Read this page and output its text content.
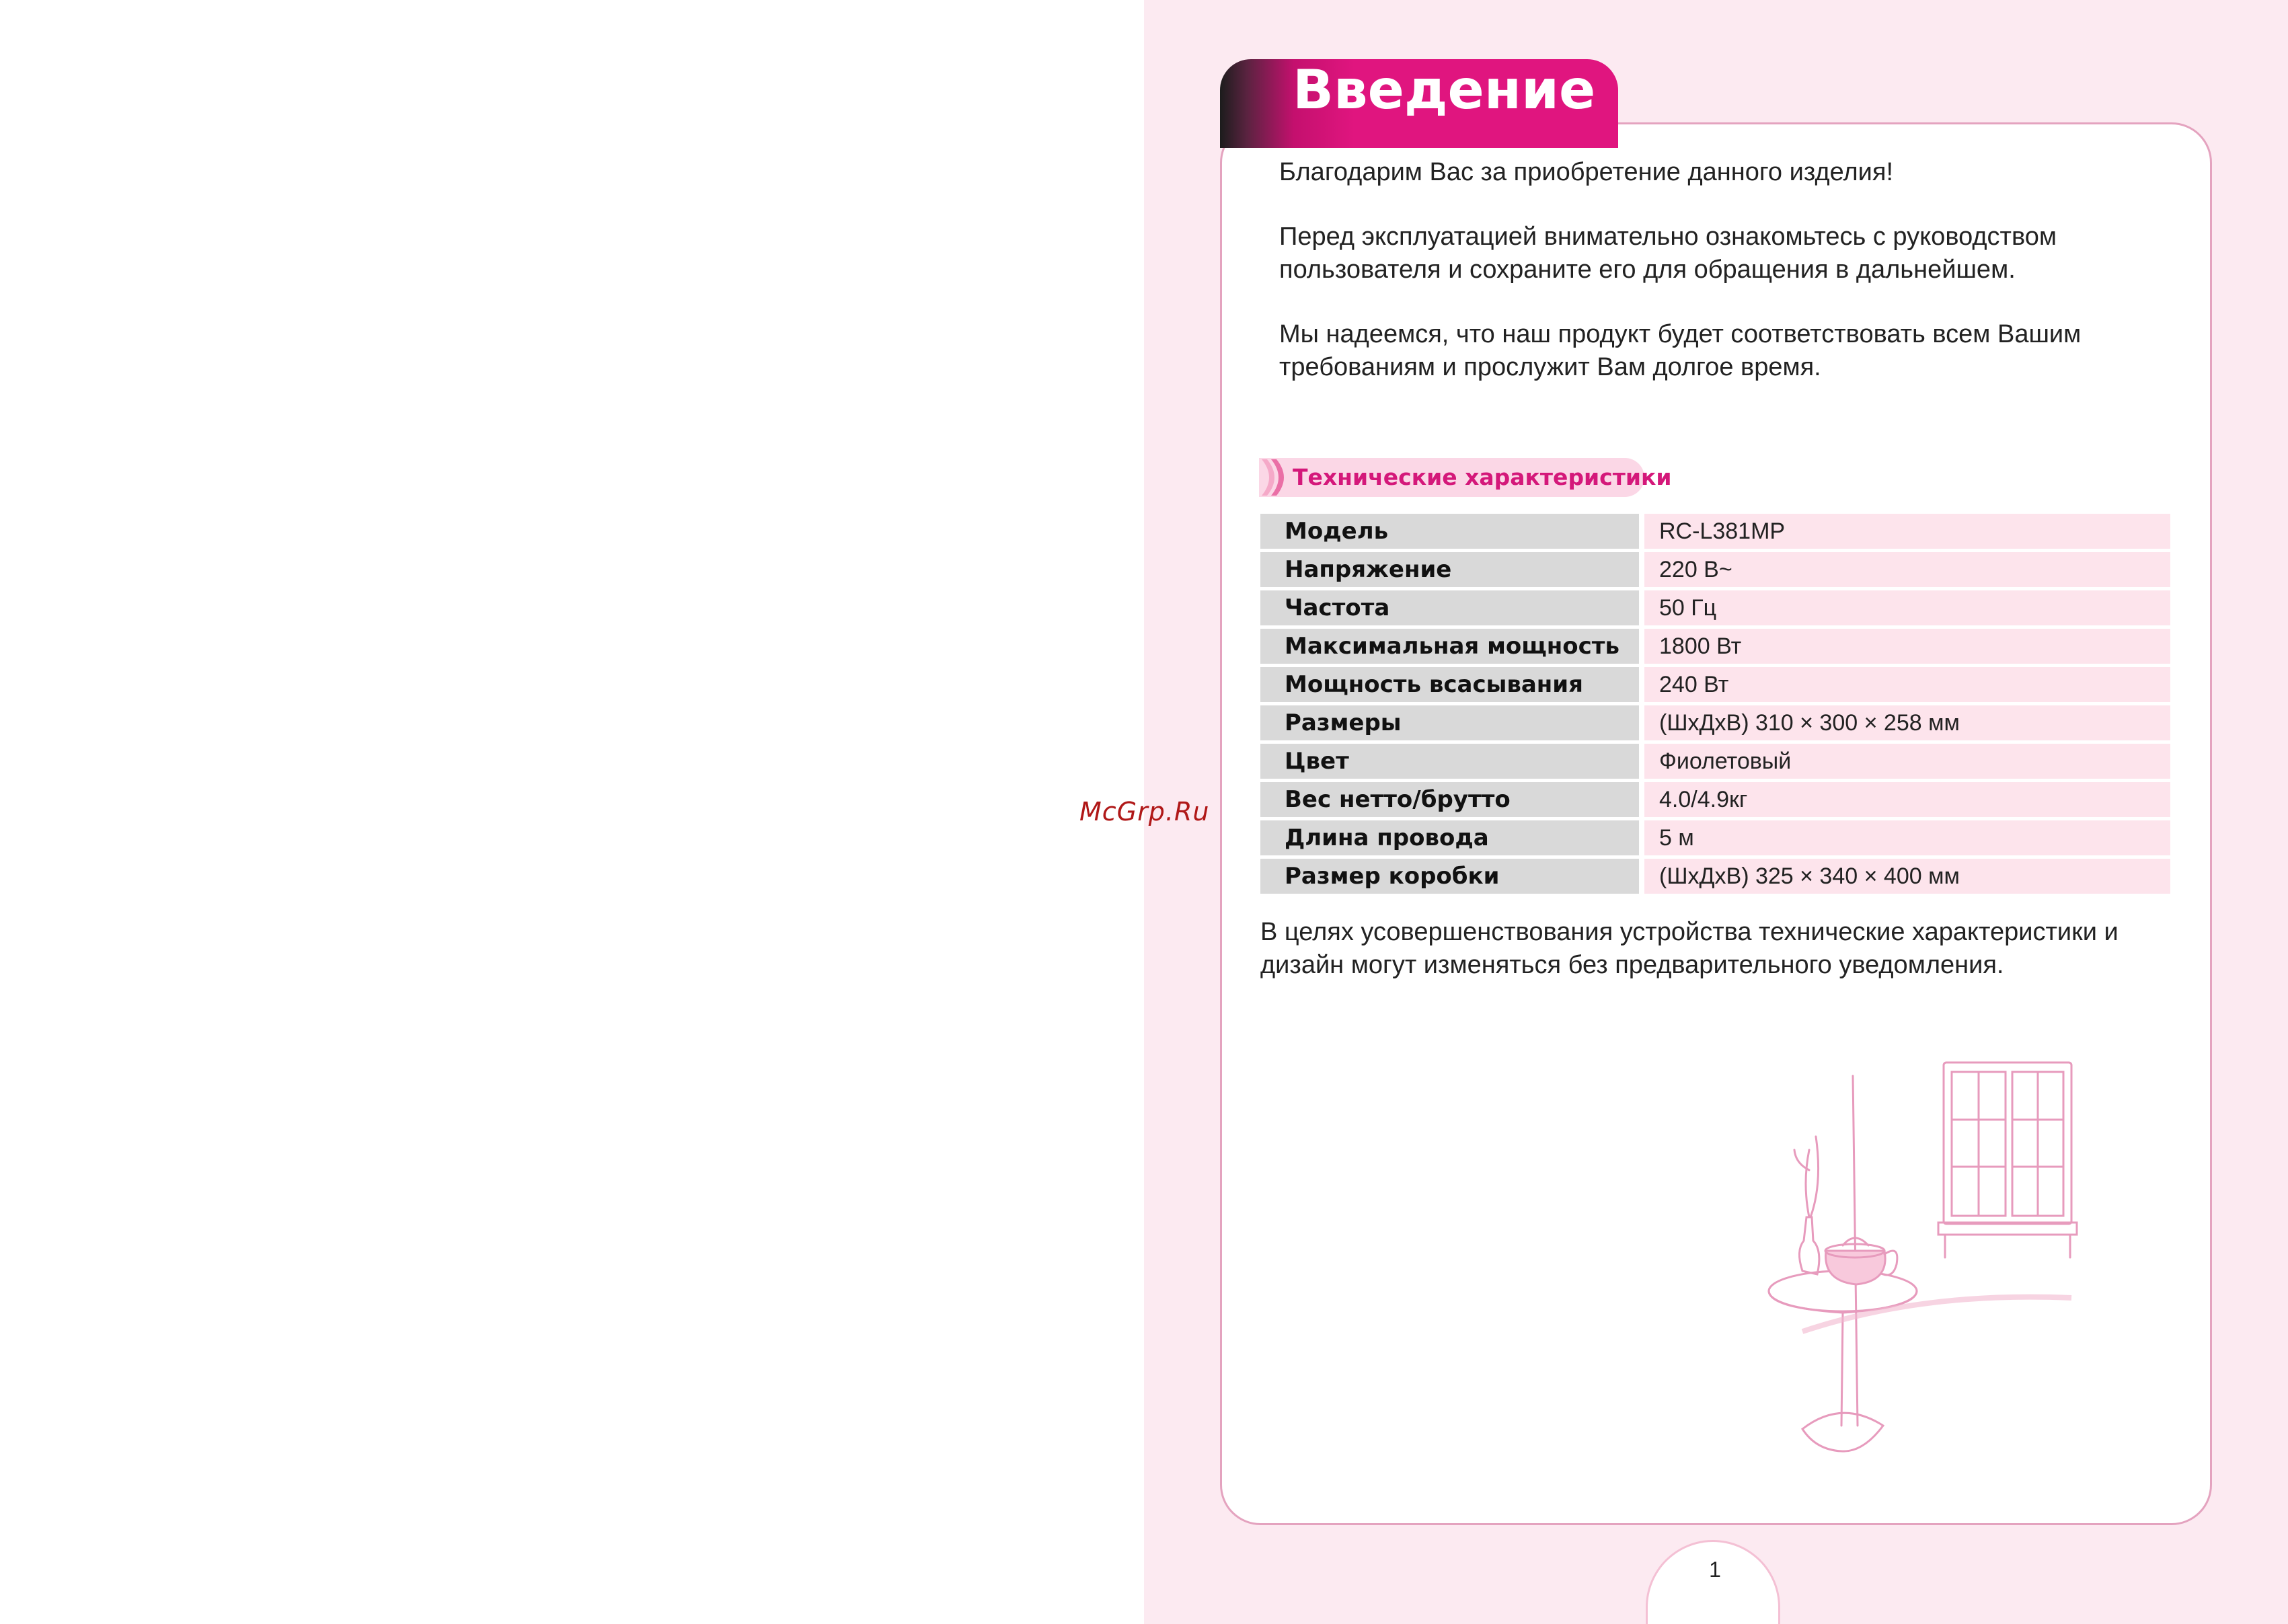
McGrp.Ru
Введение

Благодарим Вас за приобретение данного изделия!

Перед эксплуатацией внимательно ознакомьтесь с руководством пользователя и сохраните его для обращения в дальнейшем.

Мы надеемся, что наш продукт будет соответствовать всем Вашим требованиям и прослужит Вам долгое время.

Технические характеристики
Модель	RC-L381MP
Напряжение	220 В~
Частота	50 Гц
Максимальная мощность	1800 Вт
Мощность всасывания	240 Вт
Размеры	(ШхДхВ) 310 × 300 × 258 мм
Цвет	Фиолетовый
Вес нетто/брутто	4.0/4.9кг
Длина провода	5 м
Размер коробки	(ШхДхВ) 325 × 340 × 400 мм
В целях усовершенствования устройства технические характеристики и дизайн могут изменяться без предварительного уведомления.
1
